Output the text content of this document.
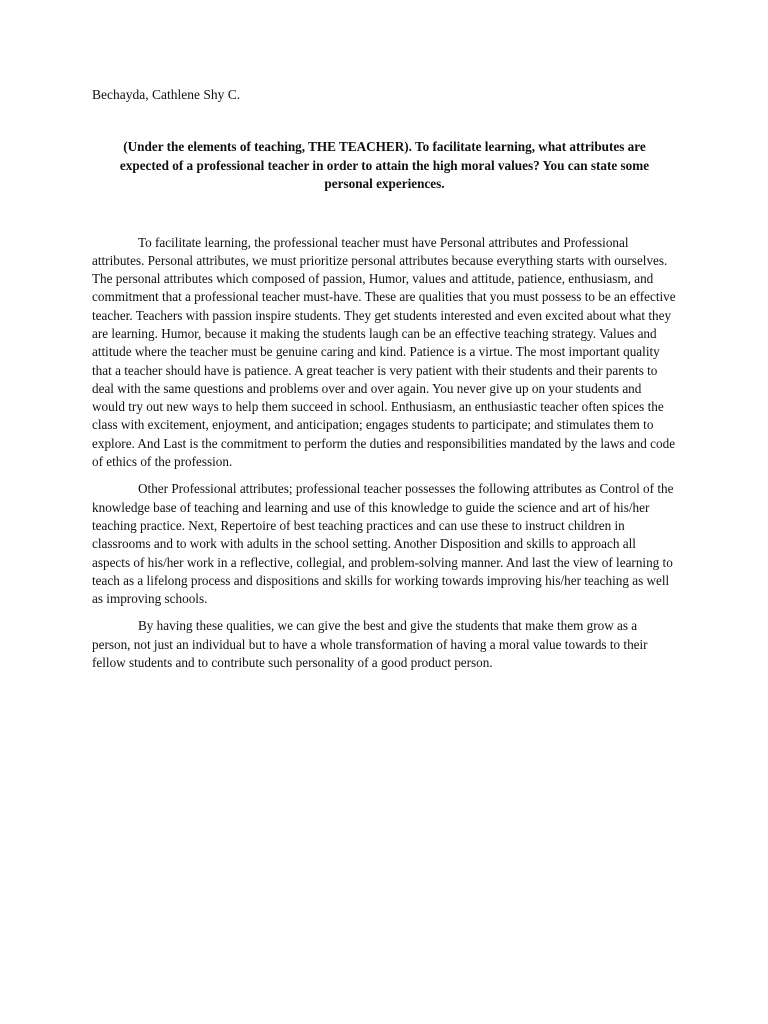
Bechayda, Cathlene Shy C.
(Under the elements of teaching, THE TEACHER). To facilitate learning, what attributes are expected of a professional teacher in order to attain the high moral values? You can state some personal experiences.

To facilitate learning, the professional teacher must have Personal attributes and Professional attributes. Personal attributes, we must prioritize personal attributes because everything starts with ourselves. The personal attributes which composed of passion, Humor, values and attitude, patience, enthusiasm, and commitment that a professional teacher must-have. These are qualities that you must possess to be an effective teacher. Teachers with passion inspire students. They get students interested and even excited about what they are learning. Humor, because it making the students laugh can be an effective teaching strategy. Values and attitude where the teacher must be genuine caring and kind. Patience is a virtue. The most important quality that a teacher should have is patience. A great teacher is very patient with their students and their parents to deal with the same questions and problems over and over again. You never give up on your students and would try out new ways to help them succeed in school. Enthusiasm, an enthusiastic teacher often spices the class with excitement, enjoyment, and anticipation; engages students to participate; and stimulates them to explore. And Last is the commitment to perform the duties and responsibilities mandated by the laws and code of ethics of the profession.

Other Professional attributes; professional teacher possesses the following attributes as Control of the knowledge base of teaching and learning and use of this knowledge to guide the science and art of his/her teaching practice. Next, Repertoire of best teaching practices and can use these to instruct children in classrooms and to work with adults in the school setting. Another Disposition and skills to approach all aspects of his/her work in a reflective, collegial, and problem-solving manner. And last the view of learning to teach as a lifelong process and dispositions and skills for working towards improving his/her teaching as well as improving schools.

By having these qualities, we can give the best and give the students that make them grow as a person, not just an individual but to have a whole transformation of having a moral value towards to their fellow students and to contribute such personality of a good product person.
